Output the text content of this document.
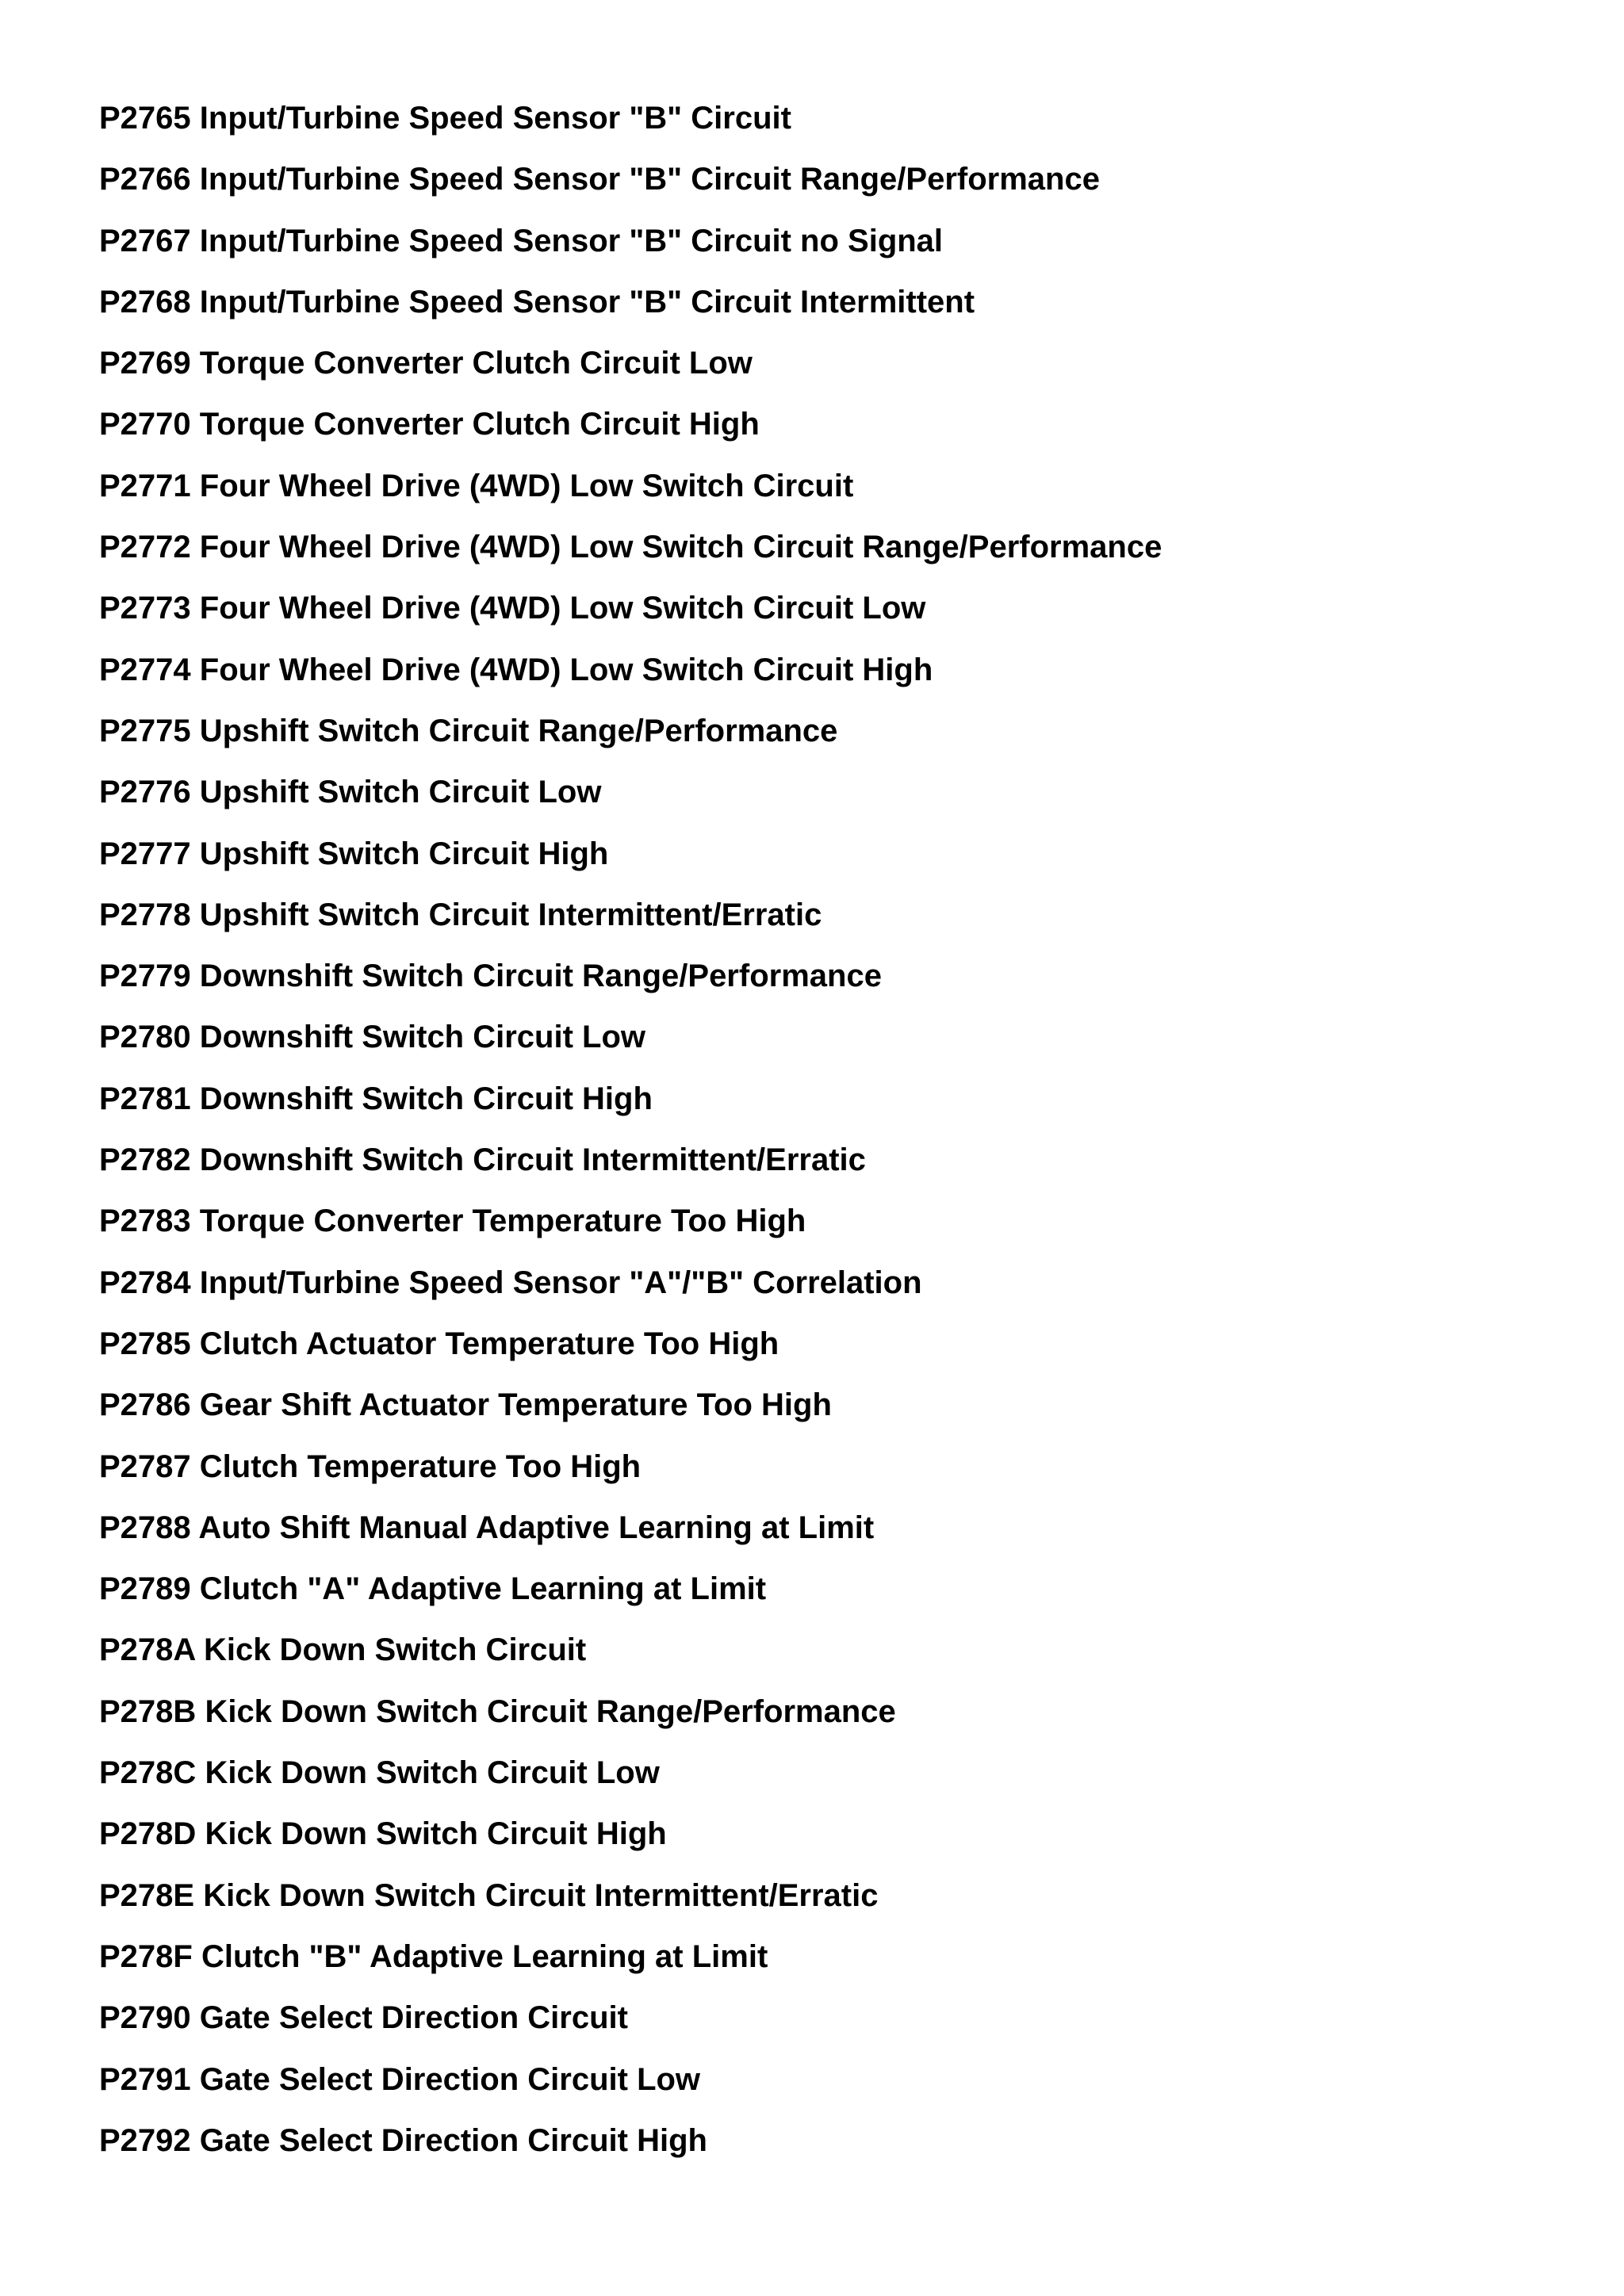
P2765 Input/Turbine Speed Sensor "B" Circuit
P2766 Input/Turbine Speed Sensor "B" Circuit Range/Performance
P2767 Input/Turbine Speed Sensor "B" Circuit no Signal
P2768 Input/Turbine Speed Sensor "B" Circuit Intermittent
P2769 Torque Converter Clutch Circuit Low
P2770 Torque Converter Clutch Circuit High
P2771 Four Wheel Drive (4WD) Low Switch Circuit
P2772 Four Wheel Drive (4WD) Low Switch Circuit Range/Performance
P2773 Four Wheel Drive (4WD) Low Switch Circuit Low
P2774 Four Wheel Drive (4WD) Low Switch Circuit High
P2775 Upshift Switch Circuit Range/Performance
P2776 Upshift Switch Circuit Low
P2777 Upshift Switch Circuit High
P2778 Upshift Switch Circuit Intermittent/Erratic
P2779 Downshift Switch Circuit Range/Performance
P2780 Downshift Switch Circuit Low
P2781 Downshift Switch Circuit High
P2782 Downshift Switch Circuit Intermittent/Erratic
P2783 Torque Converter Temperature Too High
P2784 Input/Turbine Speed Sensor "A"/"B" Correlation
P2785 Clutch Actuator Temperature Too High
P2786 Gear Shift Actuator Temperature Too High
P2787 Clutch Temperature Too High
P2788 Auto Shift Manual Adaptive Learning at Limit
P2789 Clutch "A" Adaptive Learning at Limit
P278A Kick Down Switch Circuit
P278B Kick Down Switch Circuit Range/Performance
P278C Kick Down Switch Circuit Low
P278D Kick Down Switch Circuit High
P278E Kick Down Switch Circuit Intermittent/Erratic
P278F Clutch "B" Adaptive Learning at Limit
P2790 Gate Select Direction Circuit
P2791 Gate Select Direction Circuit Low
P2792 Gate Select Direction Circuit High
